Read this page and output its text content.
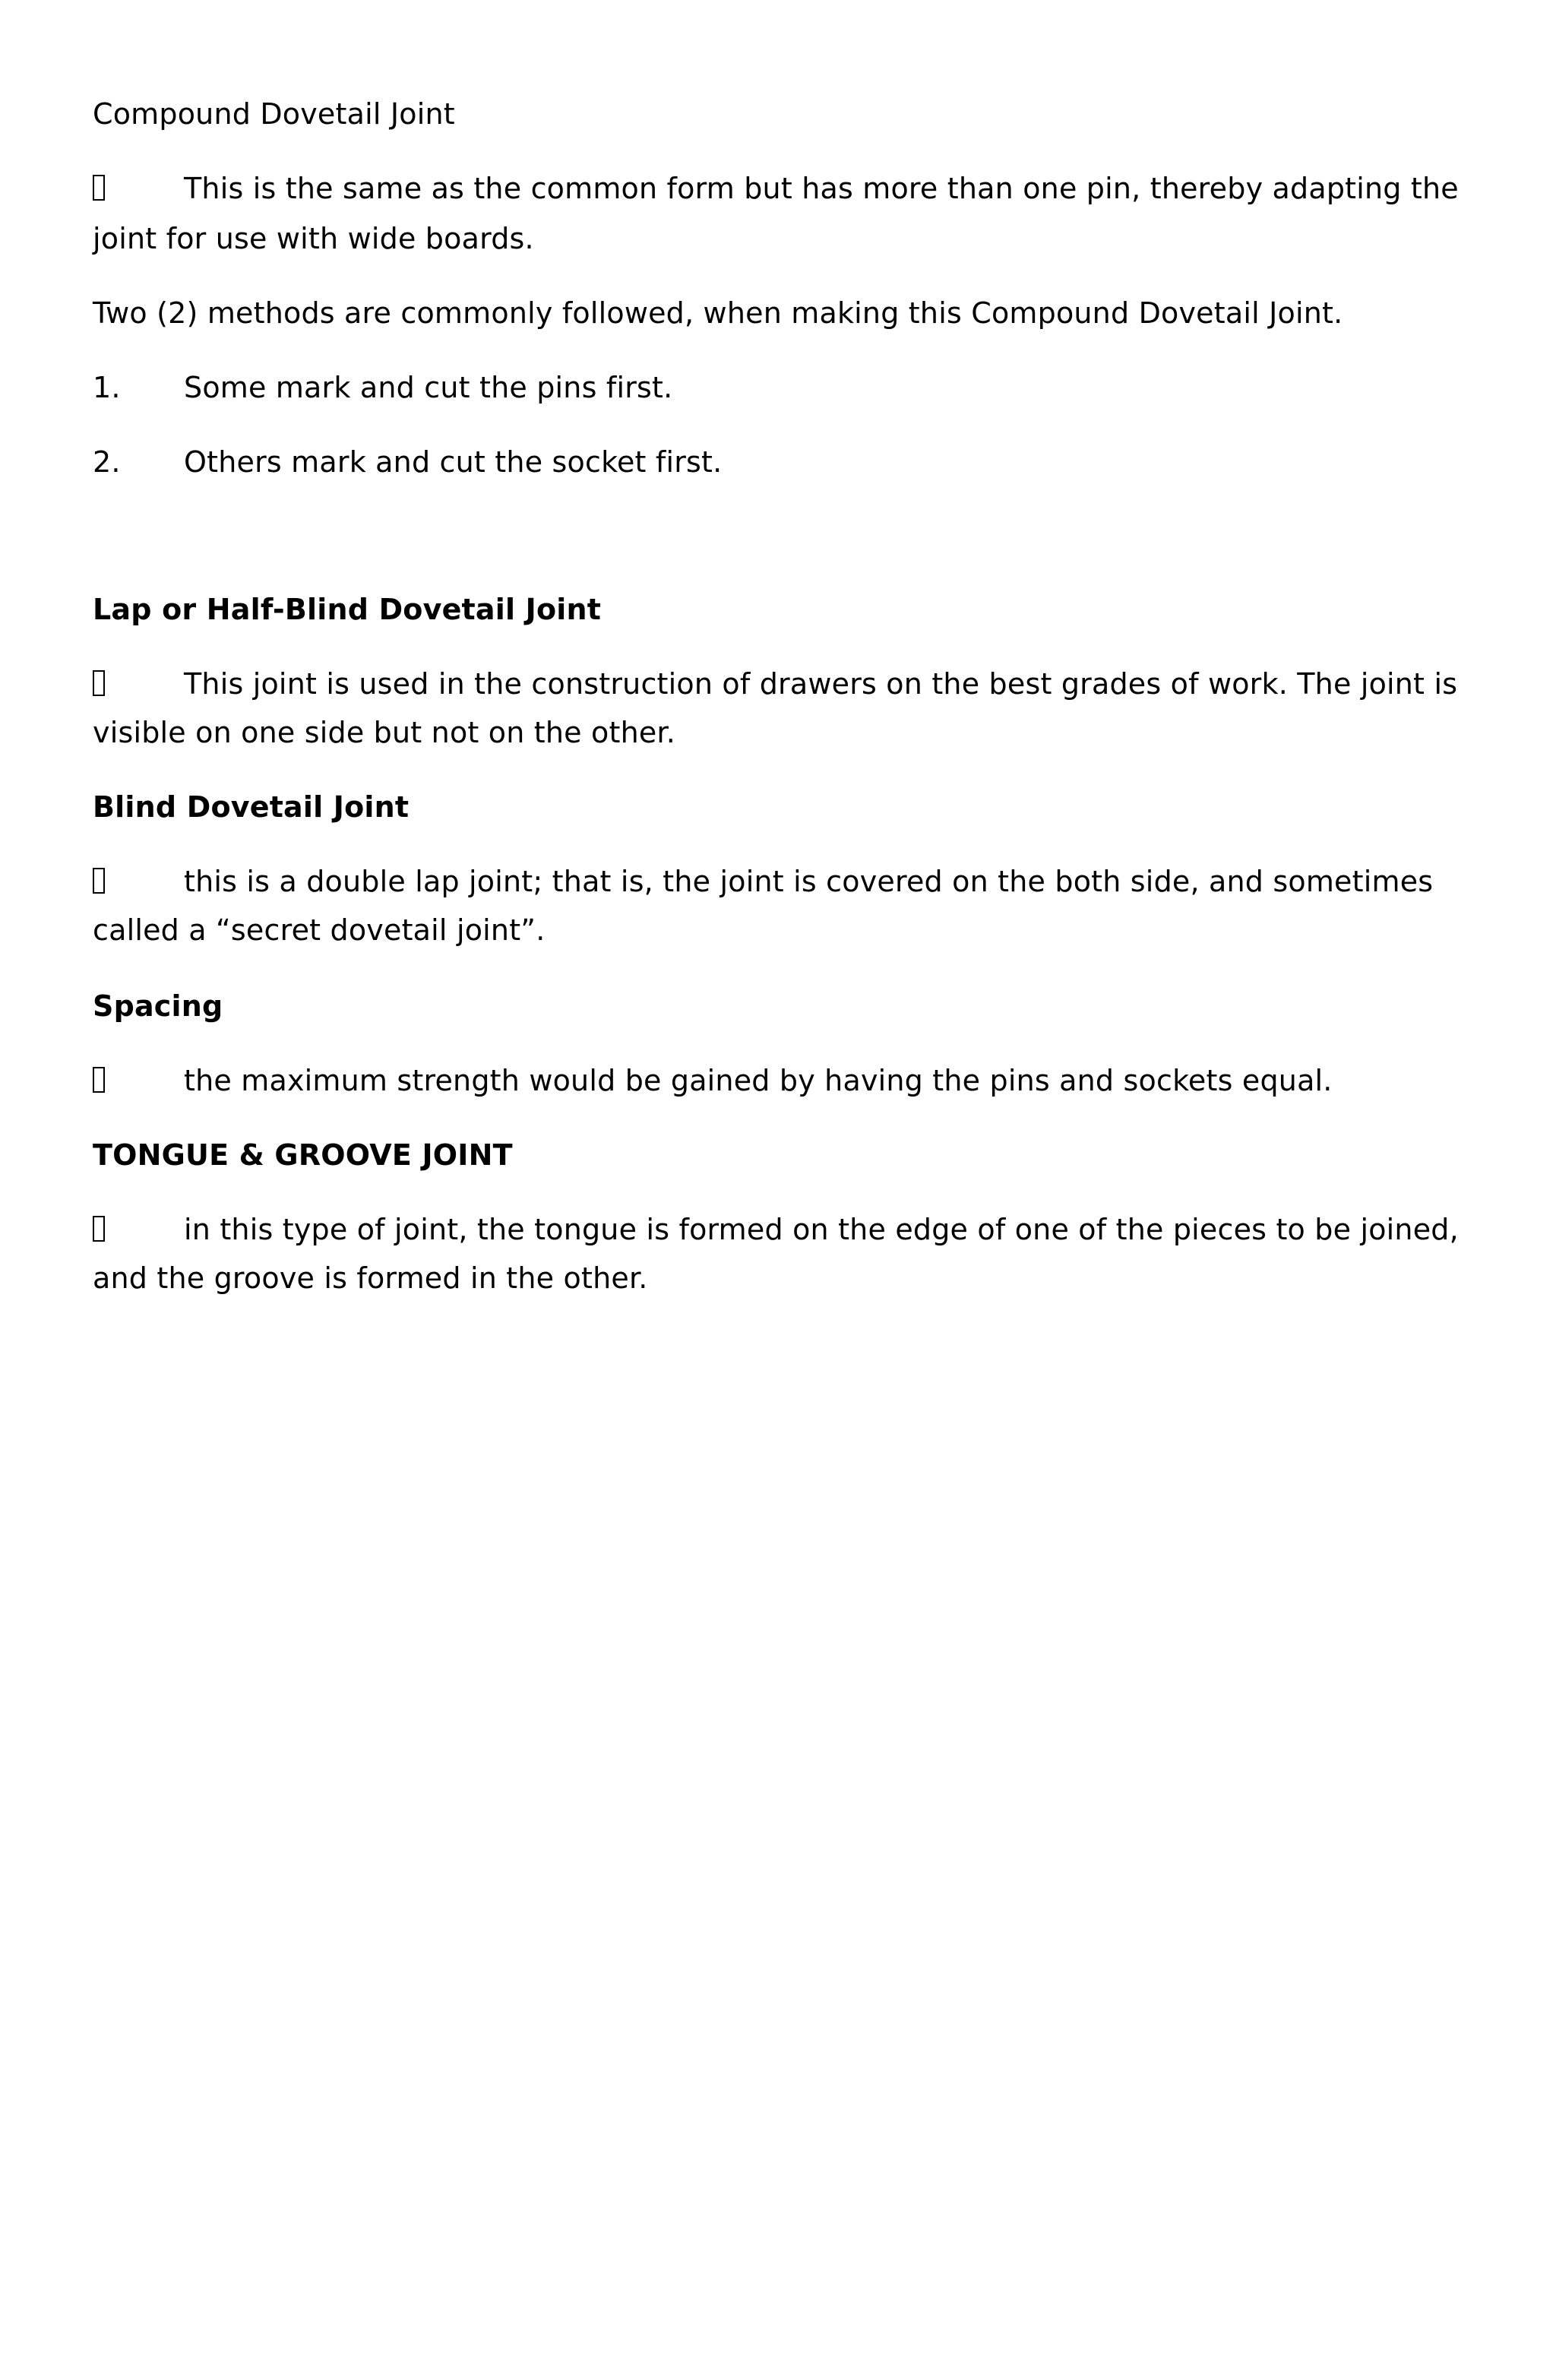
Compound Dovetail Joint
This is the same as the common form but has more than one pin, thereby adapting the
joint for use with wide boards.
Two (2) methods are commonly followed, when making this Compound Dovetail Joint.
1. Some mark and cut the pins first.
2. Others mark and cut the socket first.
Lap or Half-Blind Dovetail Joint
This joint is used in the construction of drawers on the best grades of work. The joint is
visible on one side but not on the other.
Blind Dovetail Joint
this is a double lap joint; that is, the joint is covered on the both side, and sometimes
called a “secret dovetail joint”.
Spacing
the maximum strength would be gained by having the pins and sockets equal.
TONGUE & GROOVE JOINT
in this type of joint, the tongue is formed on the edge of one of the pieces to be joined,
and the groove is formed in the other.
